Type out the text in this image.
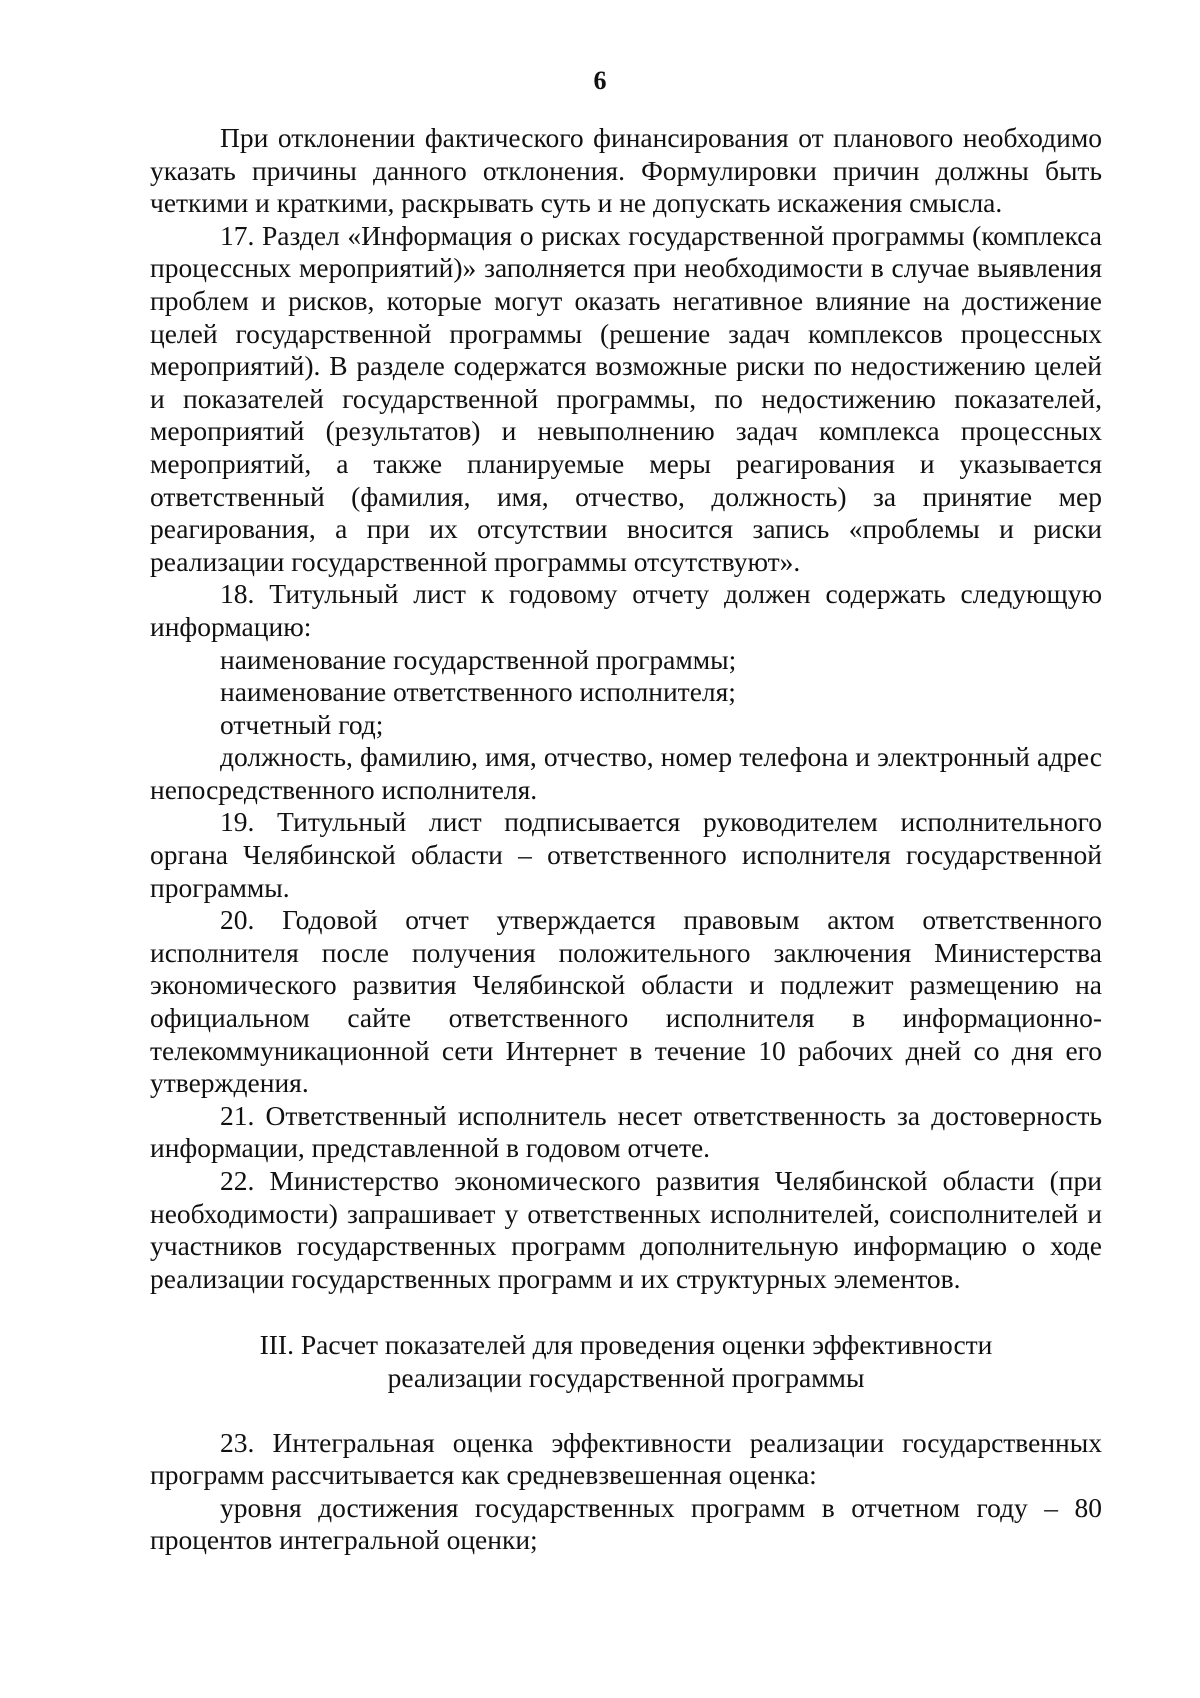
6

При отклонении фактического финансирования от планового необходимо указать причины данного отклонения. Формулировки причин должны быть четкими и краткими, раскрывать суть и не допускать искажения смысла.

17. Раздел «Информация о рисках государственной программы (комплекса процессных мероприятий)» заполняется при необходимости в случае выявления проблем и рисков, которые могут оказать негативное влияние на достижение целей государственной программы (решение задач комплексов процессных мероприятий). В разделе содержатся возможные риски по недостижению целей и показателей государственной программы, по недостижению показателей, мероприятий (результатов) и невыполнению задач комплекса процессных мероприятий, а также планируемые меры реагирования и указывается ответственный (фамилия, имя, отчество, должность) за принятие мер реагирования, а при их отсутствии вносится запись «проблемы и риски реализации государственной программы отсутствуют».

18. Титульный лист к годовому отчету должен содержать следующую информацию:

наименование государственной программы;

наименование ответственного исполнителя;

отчетный год;

должность, фамилию, имя, отчество, номер телефона и электронный адрес непосредственного исполнителя.

19. Титульный лист подписывается руководителем исполнительного органа Челябинской области – ответственного исполнителя государственной программы.

20. Годовой отчет утверждается правовым актом ответственного исполнителя после получения положительного заключения Министерства экономического развития Челябинской области и подлежит размещению на официальном сайте ответственного исполнителя в информационно-телекоммуникационной сети Интернет в течение 10 рабочих дней со дня его утверждения.

21. Ответственный исполнитель несет ответственность за достоверность информации, представленной в годовом отчете.

22. Министерство экономического развития Челябинской области (при необходимости) запрашивает у ответственных исполнителей, соисполнителей и участников государственных программ дополнительную информацию о ходе реализации государственных программ и их структурных элементов.

III. Расчет показателей для проведения оценки эффективности реализации государственной программы

23. Интегральная оценка эффективности реализации государственных программ рассчитывается как средневзвешенная оценка:

уровня достижения государственных программ в отчетном году – 80 процентов интегральной оценки;
